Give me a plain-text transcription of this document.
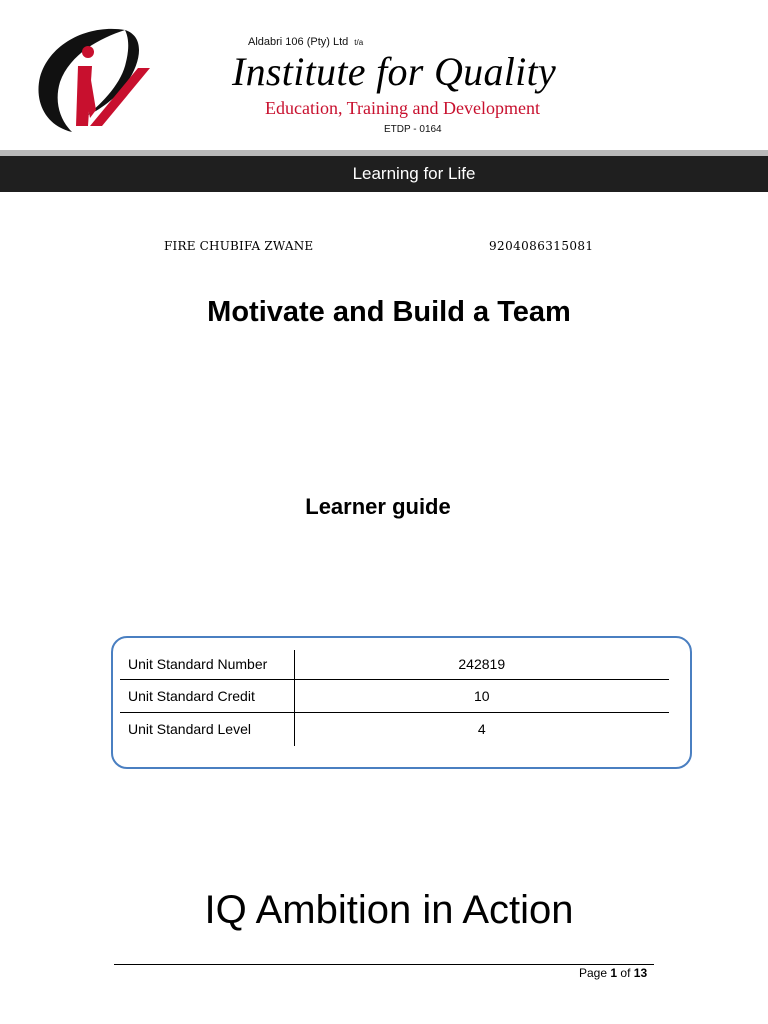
Aldabri 106 (Pty) Ltd t/a
Institute for Quality
Education, Training and Development
ETDP - 0164
Learning for Life
FIRE CHUBIFA ZWANE	9204086315081
Motivate and Build a Team
Learner guide
Unit Standard Number	242819
Unit Standard Credit	10
Unit Standard Level	4
IQ Ambition in Action
Page 1 of 13
